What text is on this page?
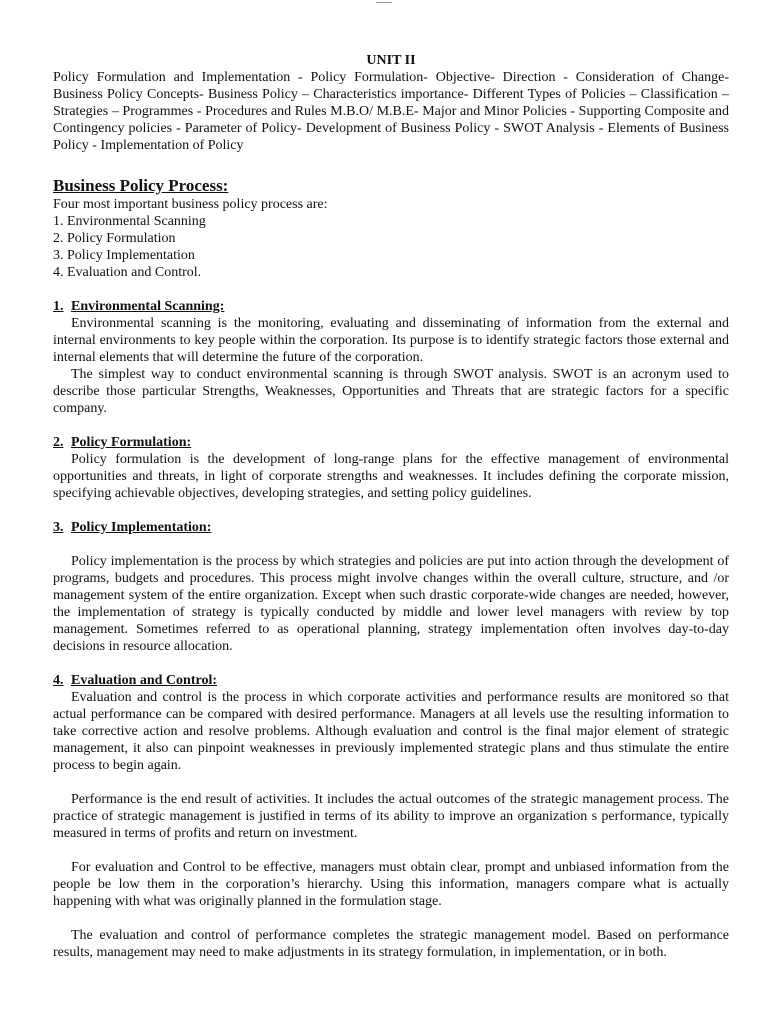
UNIT II

Policy Formulation and Implementation - Policy Formulation- Objective- Direction - Consideration of Change- Business Policy Concepts- Business Policy – Characteristics importance- Different Types of Policies – Classification – Strategies – Programmes - Procedures and Rules M.B.O/ M.B.E- Major and Minor Policies - Supporting Composite and Contingency policies - Parameter of Policy- Development of Business Policy - SWOT Analysis - Elements of Business Policy - Implementation of Policy

Business Policy Process:

Four most important business policy process are:

1. Environmental Scanning
2. Policy Formulation
3. Policy Implementation
4. Evaluation and Control.
1. Environmental Scanning:

Environmental scanning is the monitoring, evaluating and disseminating of information from the external and internal environments to key people within the corporation. Its purpose is to identify strategic factors those external and internal elements that will determine the future of the corporation.

The simplest way to conduct environmental scanning is through SWOT analysis. SWOT is an acronym used to describe those particular Strengths, Weaknesses, Opportunities and Threats that are strategic factors for a specific company.

2. Policy Formulation:

Policy formulation is the development of long-range plans for the effective management of environmental opportunities and threats, in light of corporate strengths and weaknesses. It includes defining the corporate mission, specifying achievable objectives, developing strategies, and setting policy guidelines.

3. Policy Implementation:

Policy implementation is the process by which strategies and policies are put into action through the development of programs, budgets and procedures. This process might involve changes within the overall culture, structure, and /or management system of the entire organization. Except when such drastic corporate-wide changes are needed, however, the implementation of strategy is typically conducted by middle and lower level managers with review by top management. Sometimes referred to as operational planning, strategy implementation often involves day-to-day decisions in resource allocation.

4. Evaluation and Control:

Evaluation and control is the process in which corporate activities and performance results are monitored so that actual performance can be compared with desired performance. Managers at all levels use the resulting information to take corrective action and resolve problems. Although evaluation and control is the final major element of strategic management, it also can pinpoint weaknesses in previously implemented strategic plans and thus stimulate the entire process to begin again.

Performance is the end result of activities. It includes the actual outcomes of the strategic management process. The practice of strategic management is justified in terms of its ability to improve an organization s performance, typically measured in terms of profits and return on investment.

For evaluation and Control to be effective, managers must obtain clear, prompt and unbiased information from the people be low them in the corporation’s hierarchy. Using this information, managers compare what is actually happening with what was originally planned in the formulation stage.

The evaluation and control of performance completes the strategic management model. Based on performance results, management may need to make adjustments in its strategy formulation, in implementation, or in both.
